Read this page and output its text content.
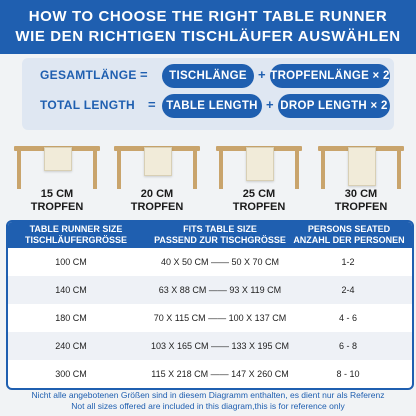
HOW TO CHOOSE THE RIGHT TABLE RUNNER
WIE DEN RICHTIGEN TISCHLÄUFER AUSWÄHLEN
GESAMTLÄNGE =	TISCHLÄNGE + TROPFENLÄNGE × 2
TOTAL LENGTH = TABLE LENGTH + DROP LENGTH × 2
15 CM
TROPFEN
20 CM
TROPFEN
25 CM
TROPFEN
30 CM
TROPFEN
TABLE RUNNER SIZE
TISCHLÄUFERGRÖSSE
FITS TABLE SIZE
PASSEND ZUR TISCHGRÖSSE
PERSONS SEATED
ANZAHL DER PERSONEN
100 CM	40 X 50 CM —— 50 X 70 CM	1-2
140 CM	63 X 88 CM —— 93 X 119 CM	2-4
180 CM	70 X 115 CM —— 100 X 137 CM	4 - 6
240 CM	103 X 165 CM —— 133 X 195 CM	6 - 8
300 CM	115 X 218 CM —— 147 X 260 CM	8 - 10
Nicht alle angebotenen Größen sind in diesem Diagramm enthalten, es dient nur als Referenz
Not all sizes offered are included in this diagram,this is for reference only
